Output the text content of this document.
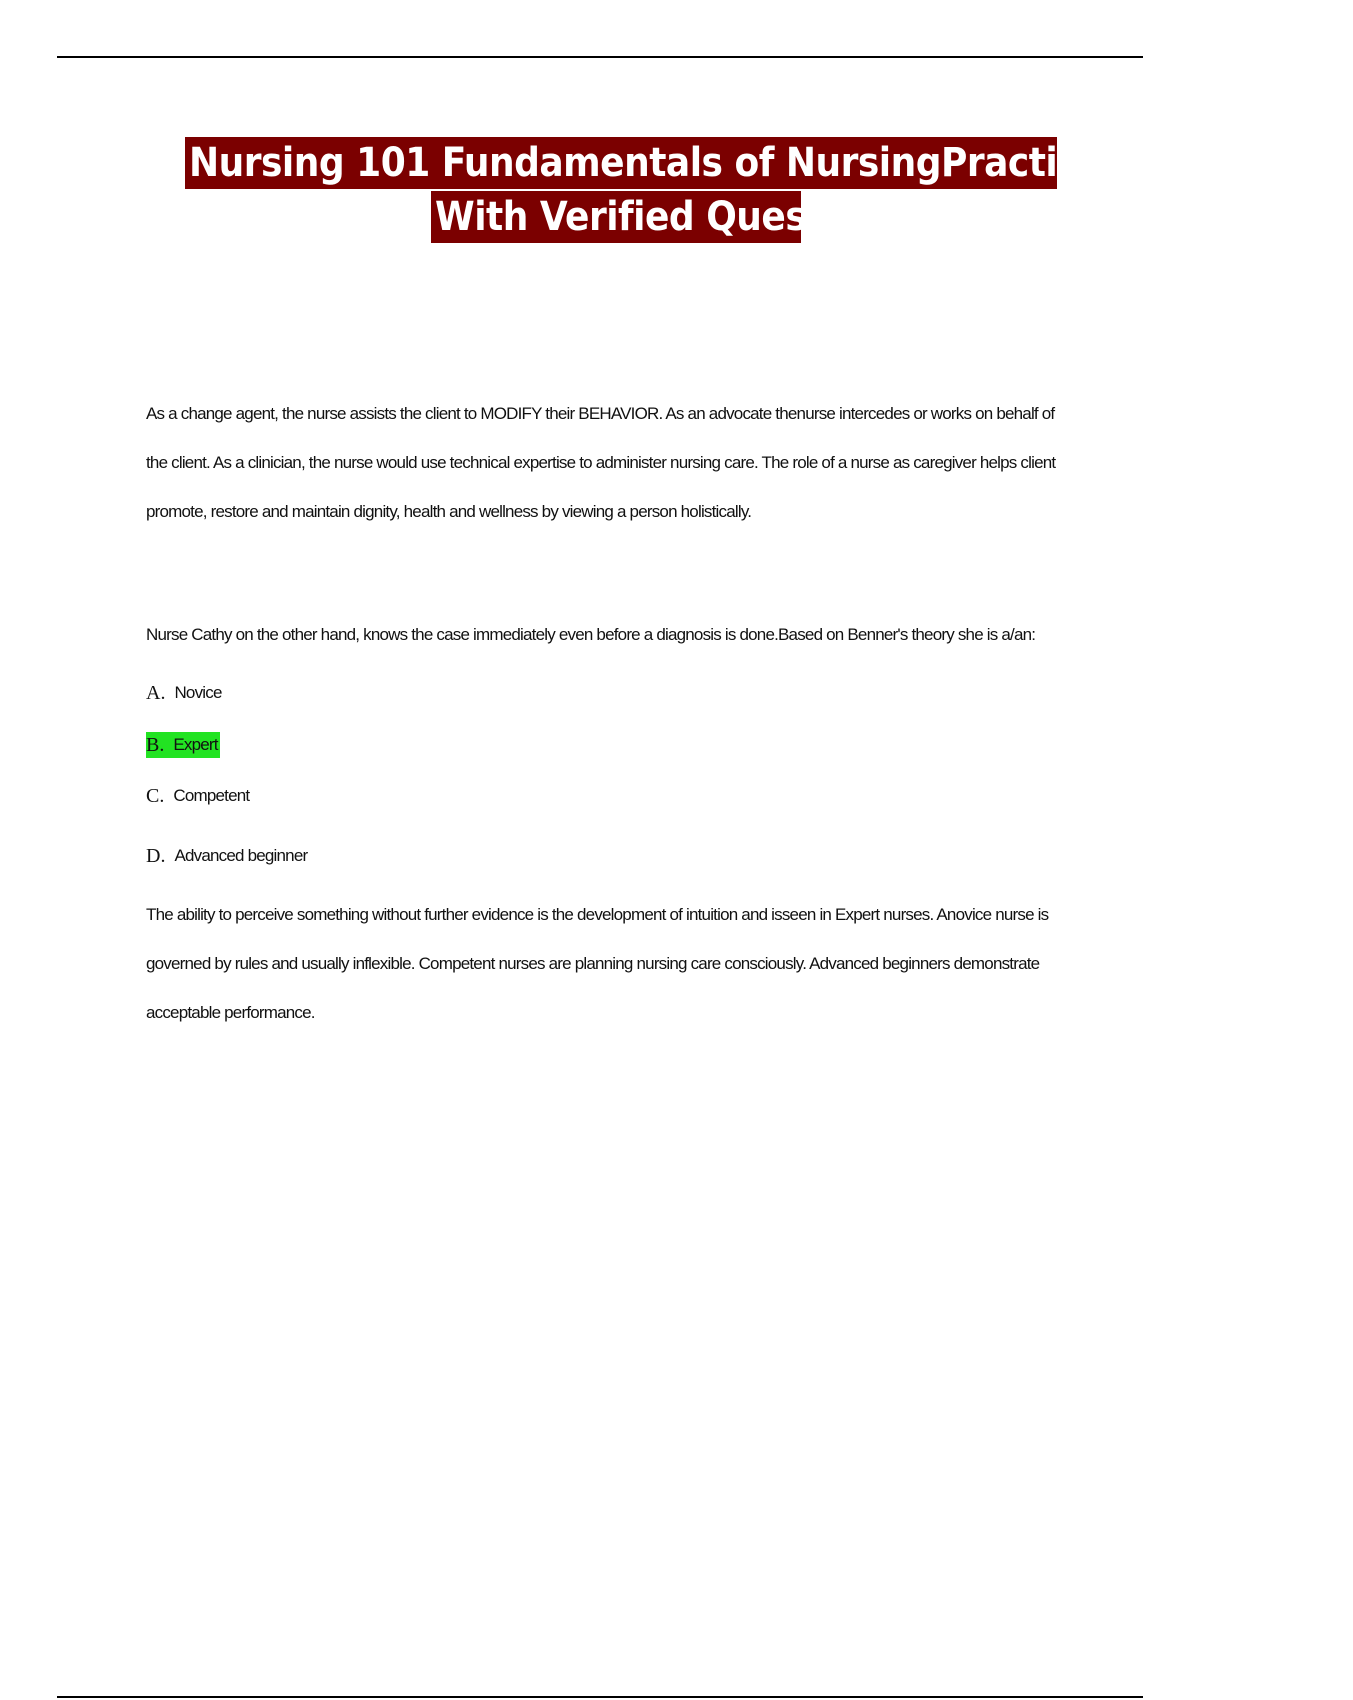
Nursing 101 Fundamentals of NursingPractice Exam Part 1
With Verified Questions And Answer

As a change agent, the nurse assists the client to MODIFY their BEHAVIOR. As an advocate thenurse intercedes or works on behalf of the client. As a clinician, the nurse would use technical expertise to administer nursing care. The role of a nurse as caregiver helps client promote, restore and maintain dignity, health and wellness by viewing a person holistically.

Nurse Cathy on the other hand, knows the case immediately even before a diagnosis is done.Based on Benner's theory she is a/an:

A. Novice
B. Expert
C. Competent
D. Advanced beginner

The ability to perceive something without further evidence is the development of intuition and isseen in Expert nurses. Anovice nurse is governed by rules and usually inflexible. Competent nurses are planning nursing care consciously. Advanced beginners demonstrate acceptable performance.
